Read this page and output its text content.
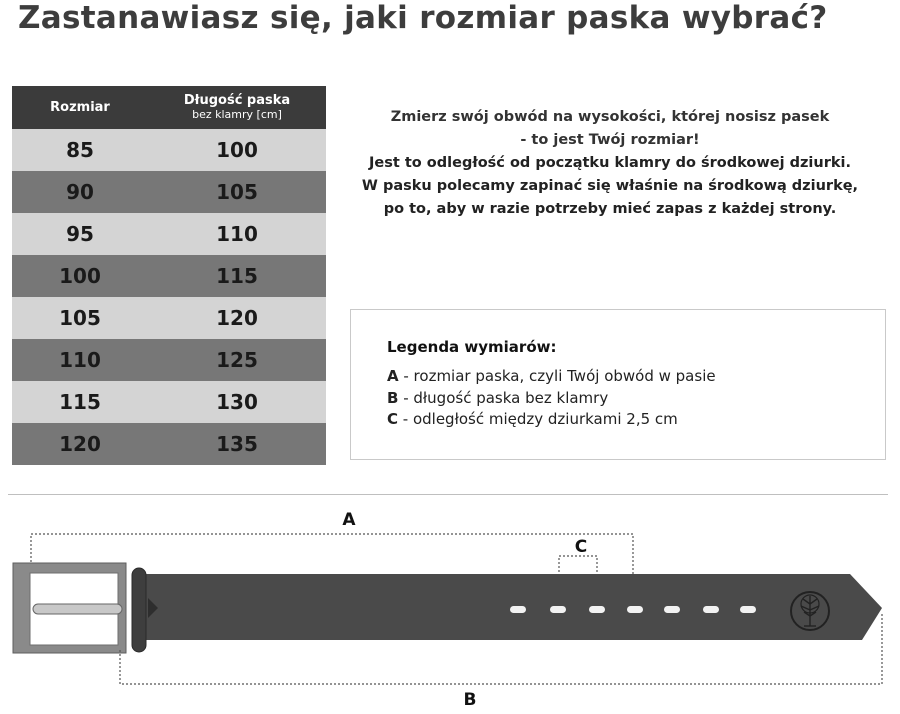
Zastanawiasz się, jaki rozmiar paska wybrać?
Rozmiar	Długość paska
bez klamry [cm]
85	100
90	105
95	110
100	115
105	120
110	125
115	130
120	135

Zmierz swój obwód na wysokości, której nosisz pasek

- to jest Twój rozmiar!

Jest to odległość od początku klamry do środkowej dziurki.

W pasku polecamy zapinać się właśnie na środkową dziurkę,

po to, aby w razie potrzeby mieć zapas z każdej strony.

Legenda wymiarów:
A - rozmiar paska, czyli Twój obwód w pasie
B - długość paska bez klamry
C - odległość między dziurkami 2,5 cm
A
C
B
